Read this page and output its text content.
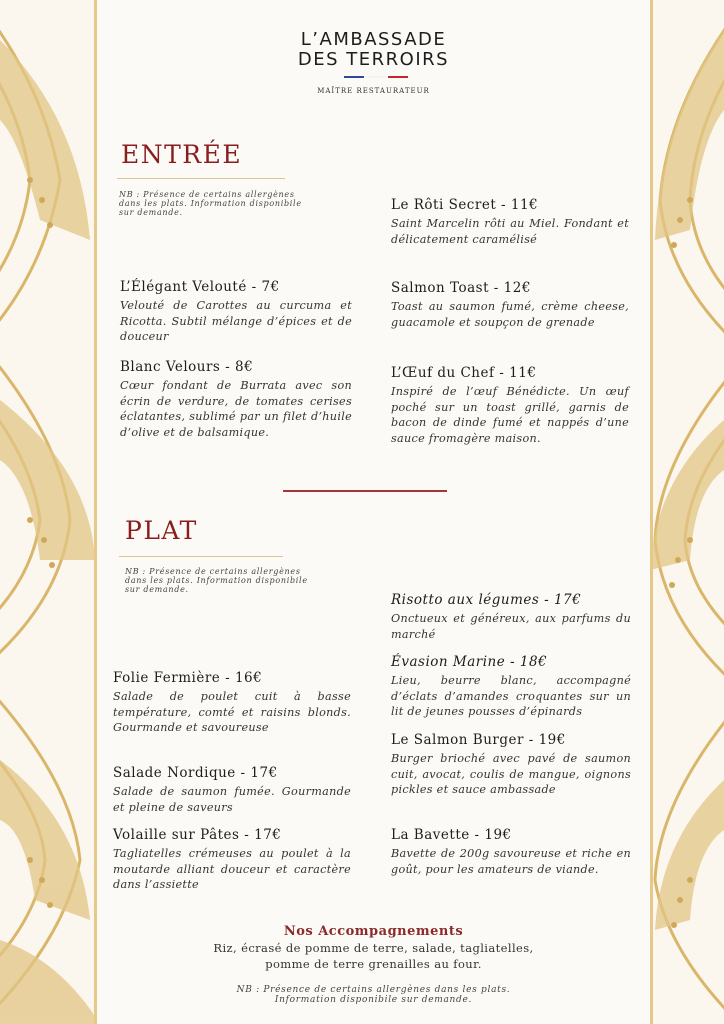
L’AMBASSADE
DES TERROIRS
MAÎTRE RESTAURATEUR
ENTRÉE
NB : Présence de certains allergènes dans les plats. Information disponibile sur demande.
L’Élégant Velouté - 7€

Velouté de Carottes au curcuma et Ricotta. Subtil mélange d’épices et de douceur

Blanc Velours - 8€

Cœur fondant de Burrata avec son écrin de verdure, de tomates cerises éclatantes, sublimé par un filet d’huile d’olive et de balsamique.

Le Rôti Secret - 11€

Saint Marcelin rôti au Miel. Fondant et délicatement caramélisé

Salmon Toast - 12€

Toast au saumon fumé, crème cheese, guacamole et soupçon de grenade

L’Œuf du Chef - 11€

Inspiré de l’œuf Bénédicte. Un œuf poché sur un toast grillé, garnis de bacon de dinde fumé et nappés d’une sauce fromagère maison.

PLAT
NB : Présence de certains allergènes dans les plats. Information disponibile sur demande.
Folie Fermière - 16€

Salade de poulet cuit à basse température, comté et raisins blonds. Gourmande et savoureuse

Salade Nordique - 17€

Salade de saumon fumée. Gourmande et pleine de saveurs

Volaille sur Pâtes - 17€

Tagliatelles crémeuses au poulet à la moutarde alliant douceur et caractère dans l’assiette

Risotto aux légumes - 17€

Onctueux et généreux, aux parfums du marché

Évasion Marine - 18€

Lieu, beurre blanc, accompagné d’éclats d’amandes croquantes sur un lit de jeunes pousses d’épinards

Le Salmon Burger - 19€

Burger brioché avec pavé de saumon cuit, avocat, coulis de mangue, oignons pickles et sauce ambassade

La Bavette - 19€

Bavette de 200g savoureuse et riche en goût, pour les amateurs de viande.

Nos Accompagnements
Riz, écrasé de pomme de terre, salade, tagliatelles, pomme de terre grenailles au four.
NB : Présence de certains allergènes dans les plats. Information disponibile sur demande.
